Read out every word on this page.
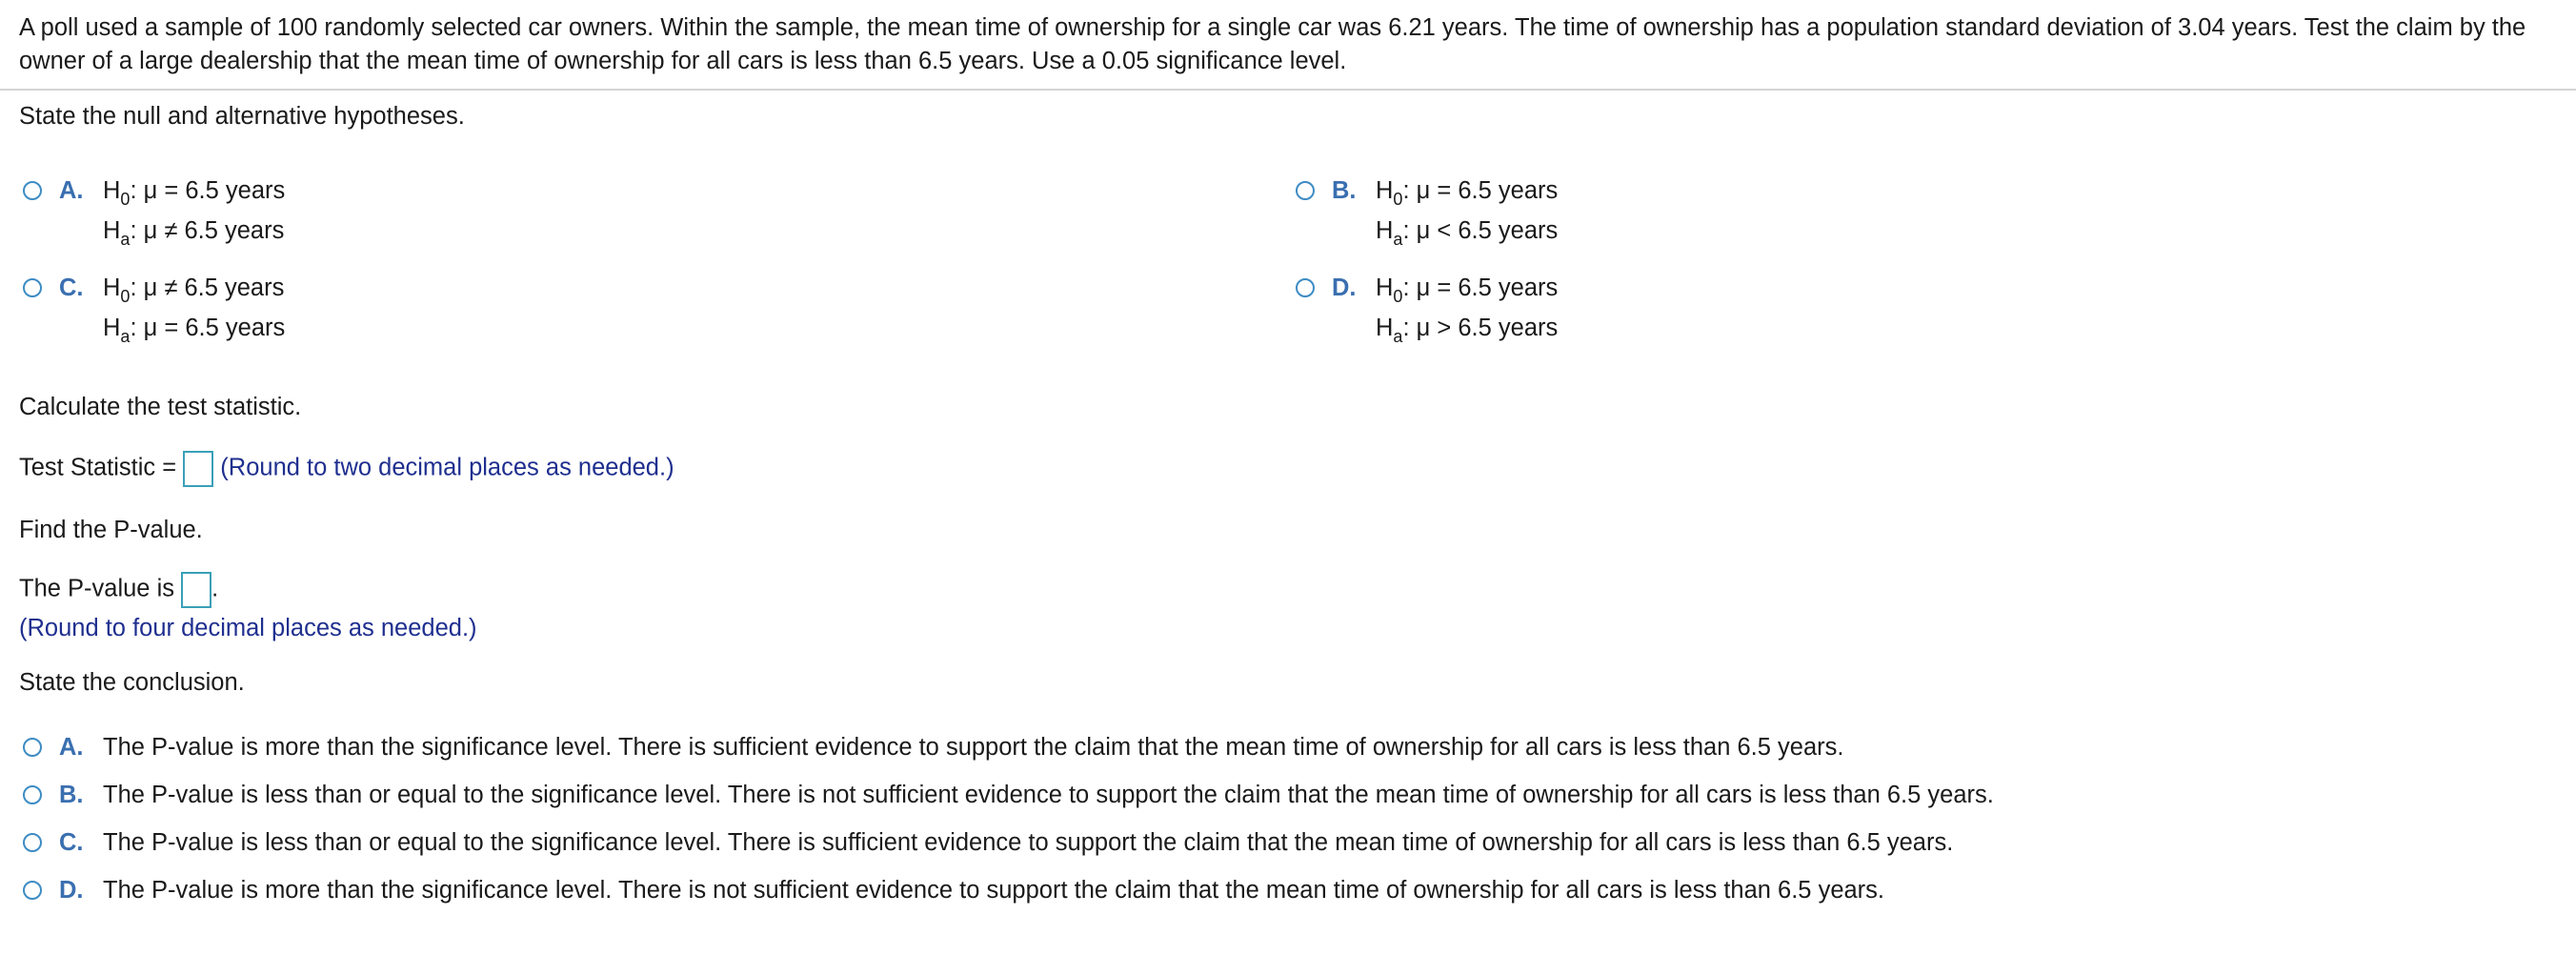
A poll used a sample of 100 randomly selected car owners. Within the sample, the mean time of ownership for a single car was 6.21 years. The time of ownership has a population standard deviation of 3.04 years. Test the claim by the owner of a large dealership that the mean time of ownership for all cars is less than 6.5 years. Use a 0.05 significance level.
State the null and alternative hypotheses.
A. $H_0$: μ = 6.5 years
$H_a$: μ ≠ 6.5 years
B. $H_0$: μ = 6.5 years
$H_a$: μ < 6.5 years
C. $H_0$: μ ≠ 6.5 years
$H_a$: μ = 6.5 years
D. $H_0$: μ = 6.5 years
$H_a$: μ > 6.5 years
Calculate the test statistic.
Test Statistic = (Round to two decimal places as needed.)
Find the P-value.
The P-value is .
(Round to four decimal places as needed.)
State the conclusion.
A. The P-value is more than the significance level. There is sufficient evidence to support the claim that the mean time of ownership for all cars is less than 6.5 years.
B. The P-value is less than or equal to the significance level. There is not sufficient evidence to support the claim that the mean time of ownership for all cars is less than 6.5 years.
C. The P-value is less than or equal to the significance level. There is sufficient evidence to support the claim that the mean time of ownership for all cars is less than 6.5 years.
D. The P-value is more than the significance level. There is not sufficient evidence to support the claim that the mean time of ownership for all cars is less than 6.5 years.
